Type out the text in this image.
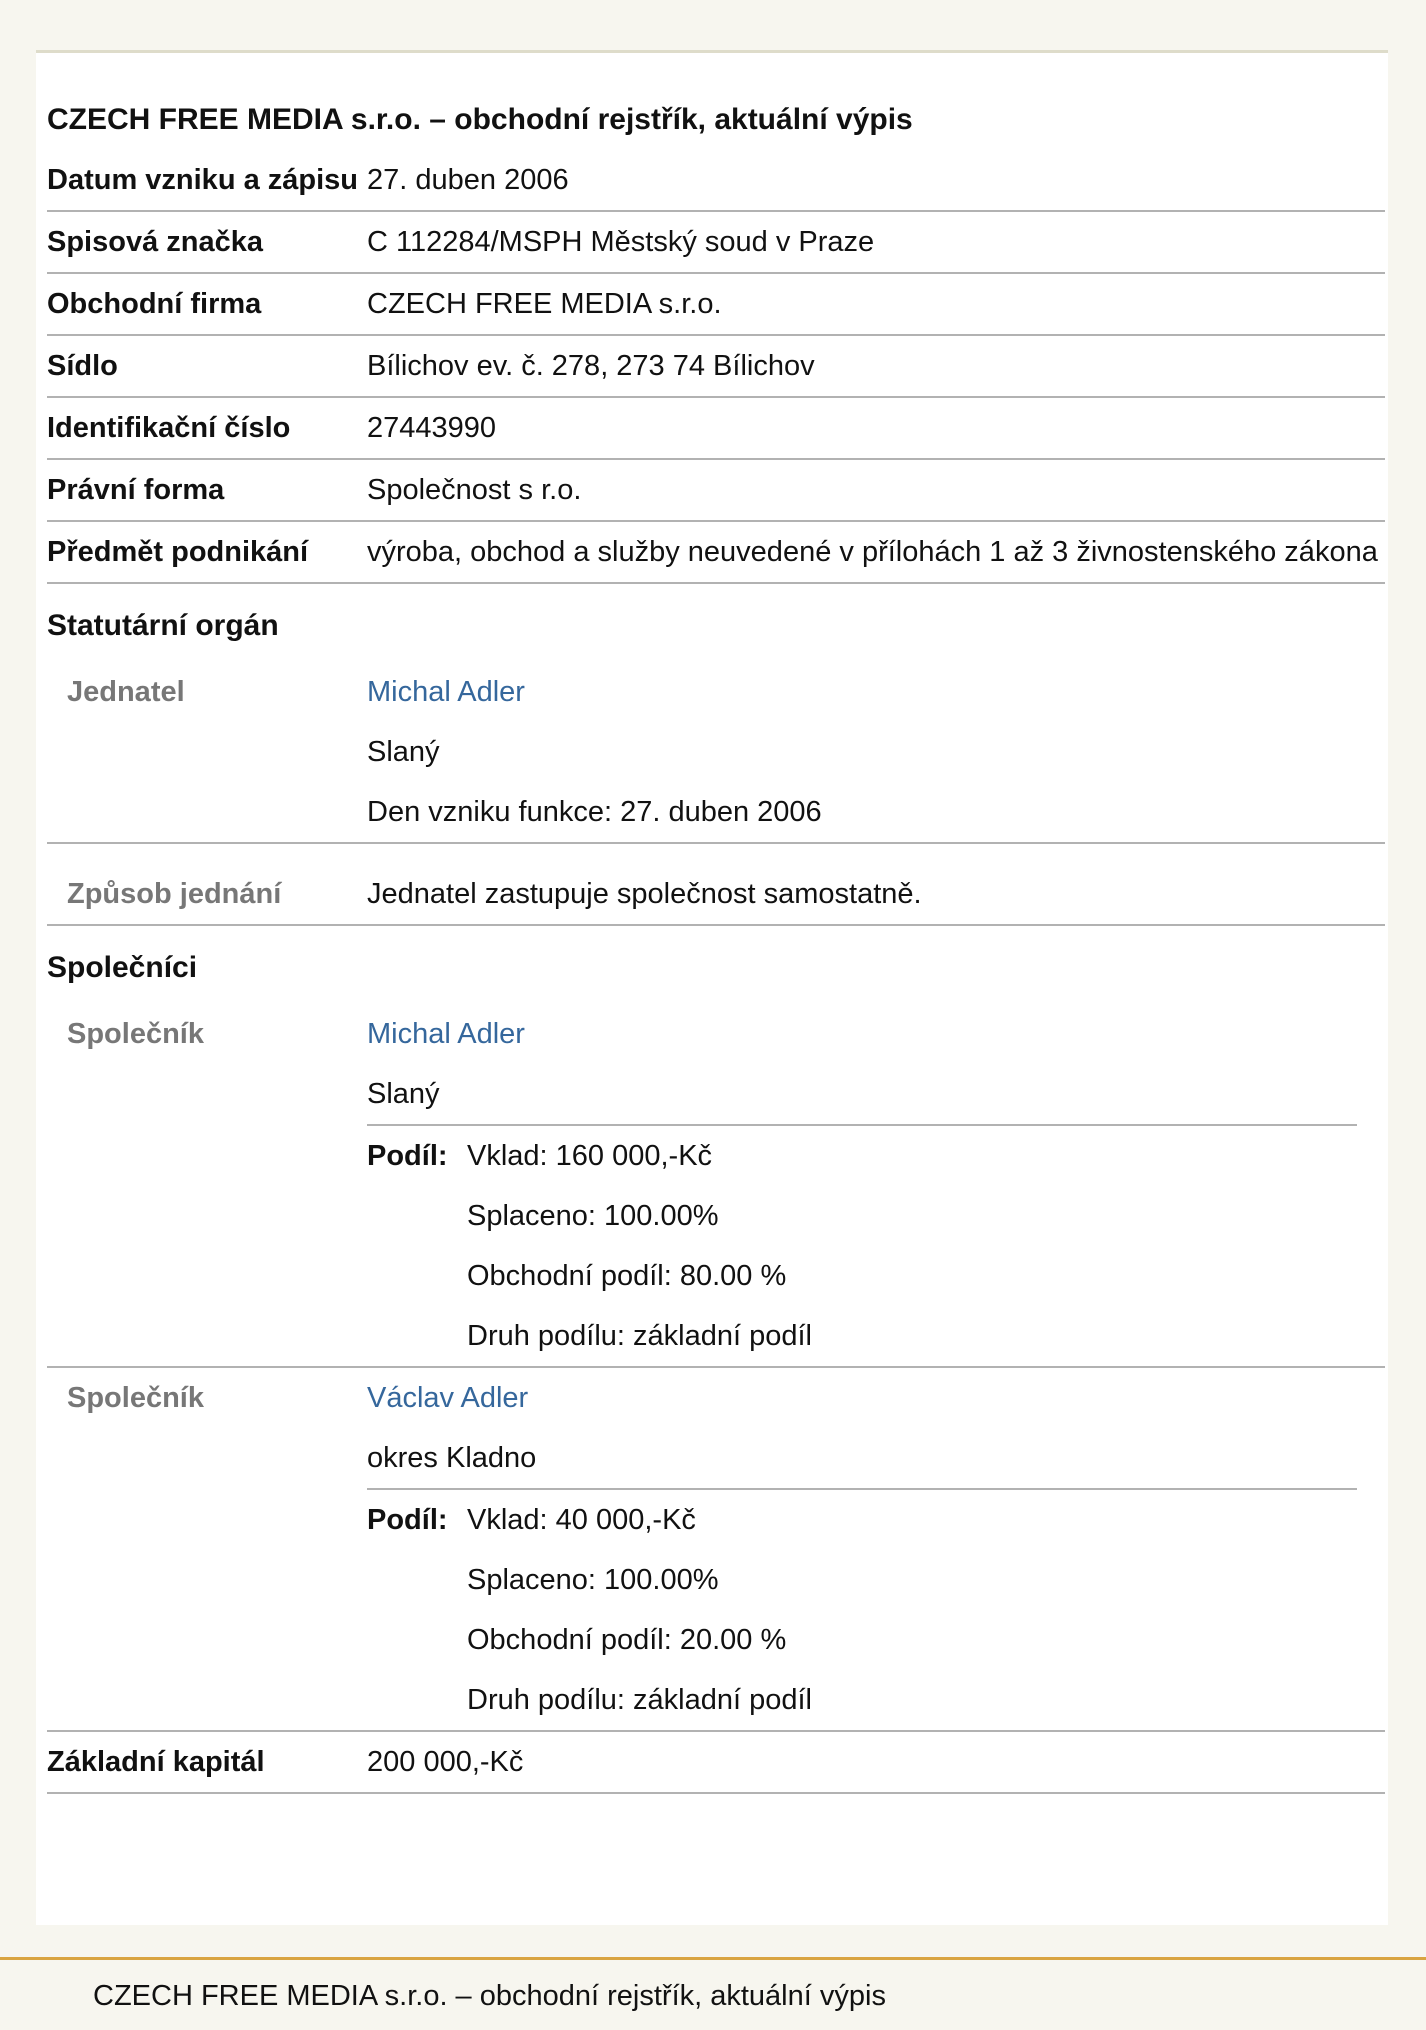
CZECH FREE MEDIA s.r.o. – obchodní rejstřík, aktuální výpis
Datum vzniku a zápisu 27. duben 2006
Spisová značka	C 112284/MSPH Městský soud v Praze
Obchodní firma	CZECH FREE MEDIA s.r.o.
Sídlo	Bílichov ev. č. 278, 273 74 Bílichov
Identifikační číslo	27443990
Právní forma	Společnost s r.o.
Předmět podnikání	výroba, obchod a služby neuvedené v přílohách 1 až 3 živnostenského zákona
Statutární orgán
Jednatel	Michal Adler
Slaný
Den vzniku funkce: 27. duben 2006
Způsob jednání	Jednatel zastupuje společnost samostatně.
Společníci
Společník	Michal Adler
Slaný
Podíl: Vklad: 160 000,-Kč
Splaceno: 100.00%
Obchodní podíl: 80.00 %
Druh podílu: základní podíl
Společník	Václav Adler
okres Kladno
Podíl: Vklad: 40 000,-Kč
Splaceno: 100.00%
Obchodní podíl: 20.00 %
Druh podílu: základní podíl
Základní kapitál	200 000,-Kč
CZECH FREE MEDIA s.r.o. – obchodní rejstřík, aktuální výpis
